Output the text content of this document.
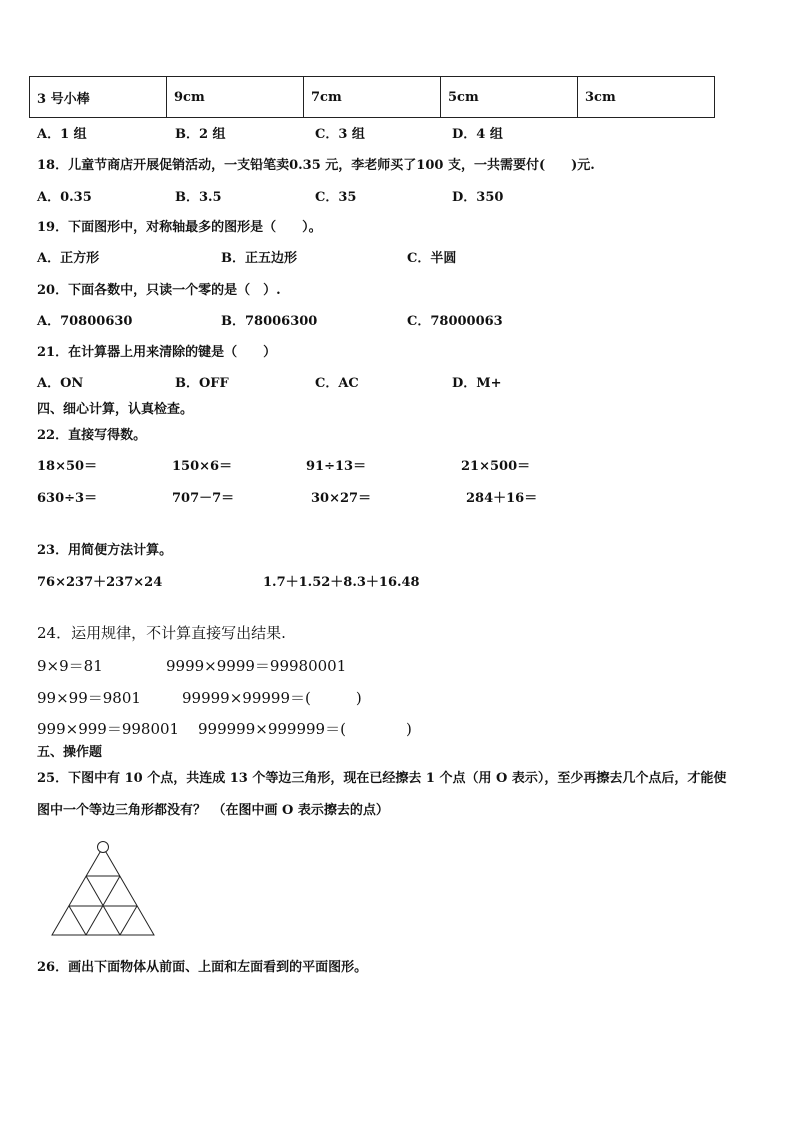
3 号小棒	9cm	7cm	5cm	3cm
A．1 组	B．2 组	C．3 组	D．4 组
18．儿童节商店开展促销活动，一支铅笔卖0.35 元，李老师买了100 支，一共需要付(　　)元.
A．0.35	B．3.5	C．35	D．350
19．下面图形中，对称轴最多的图形是（　　）。
A．正方形	B．正五边形	C．半圆
20．下面各数中，只读一个零的是（　）.
A．70800630	B．78006300	C．78000063
21．在计算器上用来清除的键是（　　）
A．ON	B．OFF	C．AC	D．M+
四、细心计算，认真检查。
22．直接写得数。
18×50＝	150×6＝	91÷13＝	21×500＝
630÷3＝	707－7＝	30×27＝	284＋16＝
23．用简便方法计算。
76×237＋237×24	1.7＋1.52＋8.3＋16.48
24．运用规律，不计算直接写出结果.
9×9＝81	9999×9999＝99980001
99×99＝9801	99999×99999＝(　　　)
999×999＝998001 999999×999999＝(　　　　)
五、操作题
25．下图中有 10 个点，共连成 13 个等边三角形，现在已经擦去 1 个点（用 O 表示），至少再擦去几个点后，才能使
图中一个等边三角形都没有？　（在图中画 O 表示擦去的点）
26．画出下面物体从前面、上面和左面看到的平面图形。
